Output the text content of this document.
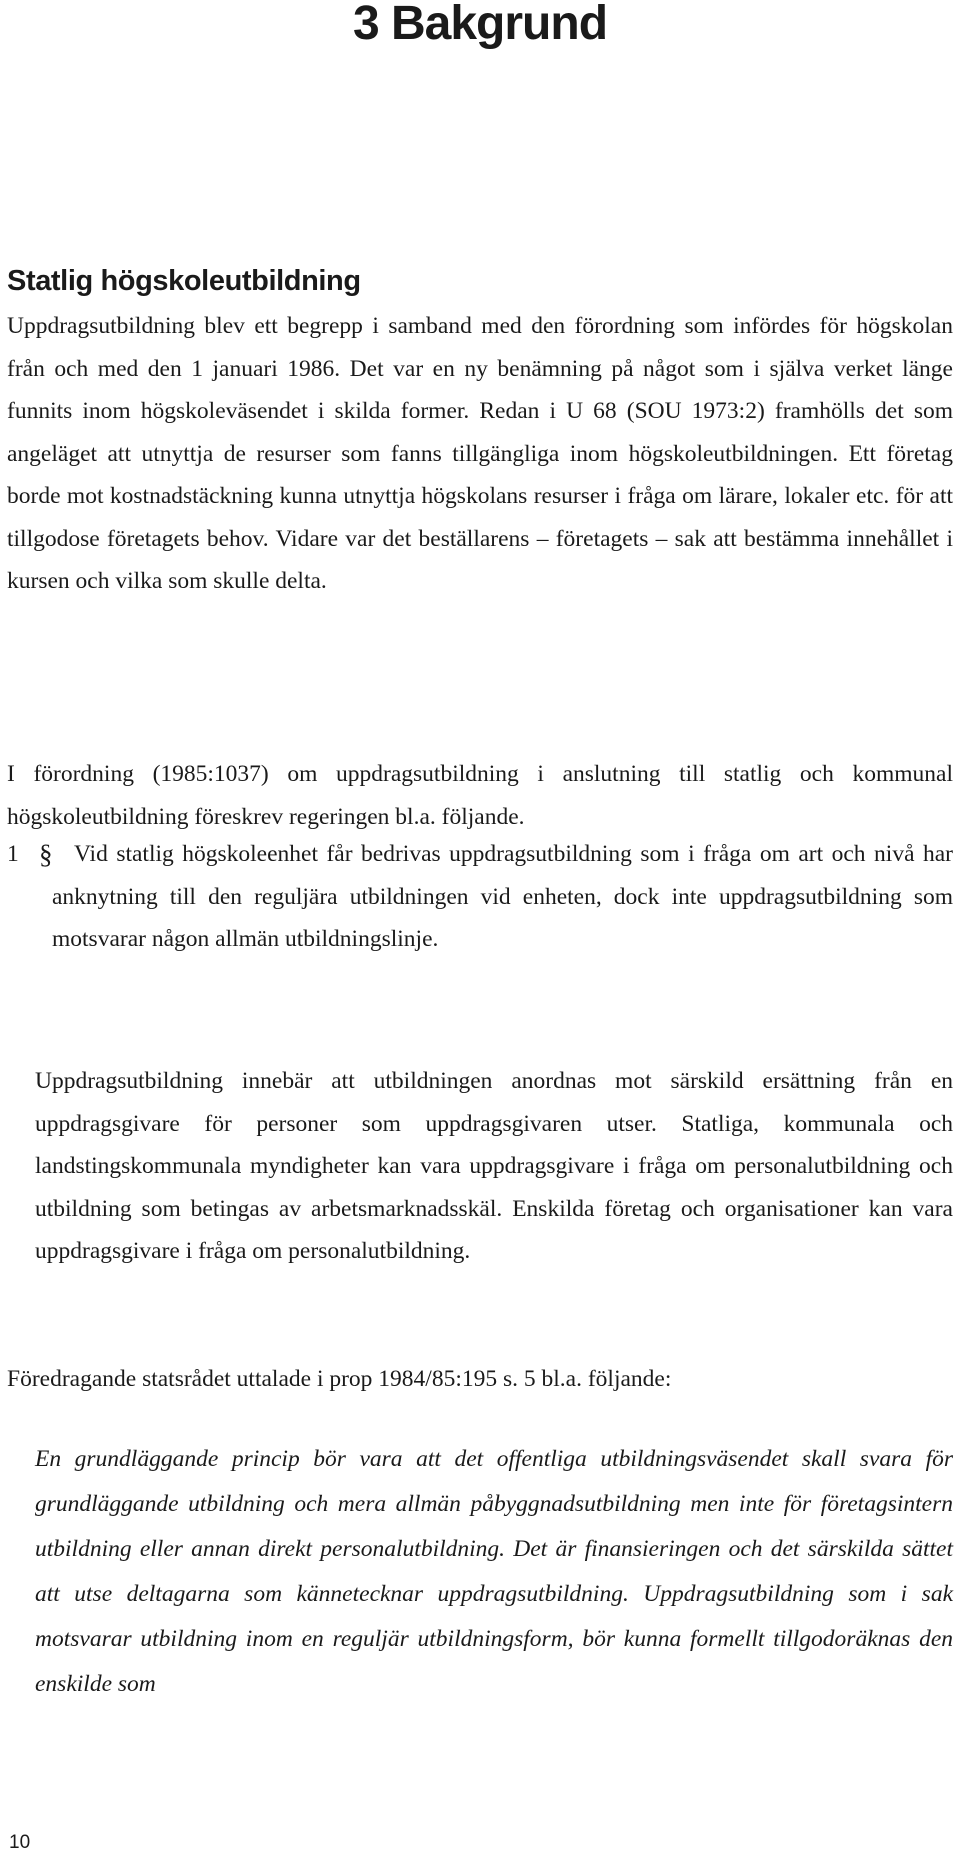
3 Bakgrund
Statlig högskoleutbildning

Uppdragsutbildning blev ett begrepp i samband med den förordning som infördes för högskolan från och med den 1 januari 1986. Det var en ny benämning på något som i själva verket länge funnits inom högskoleväsendet i skilda former. Redan i U 68 (SOU 1973:2) framhölls det som angeläget att utnyttja de resurser som fanns tillgängliga inom högskoleutbildningen. Ett företag borde mot kostnadstäckning kunna utnyttja högskolans resurser i fråga om lärare, lokaler etc. för att tillgodose företagets behov. Vidare var det beställarens – företagets – sak att bestämma innehållet i kursen och vilka som skulle delta.

I förordning (1985:1037) om uppdragsutbildning i anslutning till statlig och kommunal högskoleutbildning föreskrev regeringen bl.a. följande.

1 § Vid statlig högskoleenhet får bedrivas uppdragsutbildning som i fråga om art och nivå har anknytning till den reguljära utbildningen vid enheten, dock inte uppdragsutbildning som motsvarar någon allmän utbildningslinje.

Uppdragsutbildning innebär att utbildningen anordnas mot särskild ersättning från en uppdragsgivare för personer som uppdragsgivaren utser. Statliga, kommunala och landstingskommunala myndigheter kan vara uppdragsgivare i fråga om personalutbildning och utbildning som betingas av arbetsmarknadsskäl. Enskilda företag och organisationer kan vara uppdragsgivare i fråga om personalutbildning.

Föredragande statsrådet uttalade i prop 1984/85:195 s. 5 bl.a. följande:

En grundläggande princip bör vara att det offentliga utbildningsväsendet skall svara för grundläggande utbildning och mera allmän påbyggnadsutbildning men inte för företagsintern utbildning eller annan direkt personalutbildning. Det är finansieringen och det särskilda sättet att utse deltagarna som kännetecknar uppdragsutbildning. Uppdragsutbildning som i sak motsvarar utbildning inom en reguljär utbildningsform, bör kunna formellt tillgodoräknas den enskilde som

10
